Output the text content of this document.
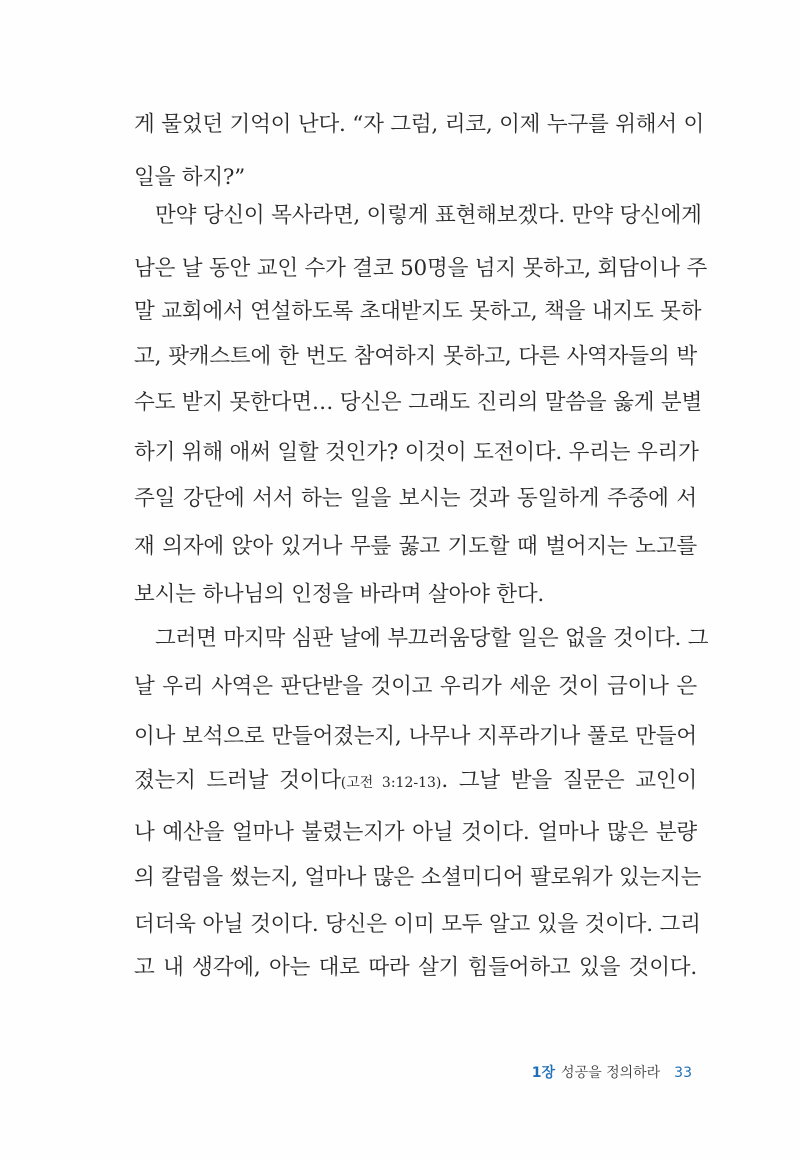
게 물었던 기억이 난다. “자 그럼, 리코, 이제 누구를 위해서 이
일을 하지?”
만약 당신이 목사라면, 이렇게 표현해보겠다. 만약 당신에게
남은 날 동안 교인 수가 결코 50명을 넘지 못하고, 회담이나 주
말 교회에서 연설하도록 초대받지도 못하고, 책을 내지도 못하
고, 팟캐스트에 한 번도 참여하지 못하고, 다른 사역자들의 박
수도 받지 못한다면… 당신은 그래도 진리의 말씀을 옳게 분별
하기 위해 애써 일할 것인가? 이것이 도전이다. 우리는 우리가
주일 강단에 서서 하는 일을 보시는 것과 동일하게 주중에 서
재 의자에 앉아 있거나 무릎 꿇고 기도할 때 벌어지는 노고를
보시는 하나님의 인정을 바라며 살아야 한다.
그러면 마지막 심판 날에 부끄러움당할 일은 없을 것이다. 그
날 우리 사역은 판단받을 것이고 우리가 세운 것이 금이나 은
이나 보석으로 만들어졌는지, 나무나 지푸라기나 풀로 만들어
졌는지 드러날 것이다(고전 3:12-13). 그날 받을 질문은 교인이
나 예산을 얼마나 불렸는지가 아닐 것이다. 얼마나 많은 분량
의 칼럼을 썼는지, 얼마나 많은 소셜미디어 팔로워가 있는지는
더더욱 아닐 것이다. 당신은 이미 모두 알고 있을 것이다. 그리
고 내 생각에, 아는 대로 따라 살기 힘들어하고 있을 것이다.
1장 성공을 정의하라 33
